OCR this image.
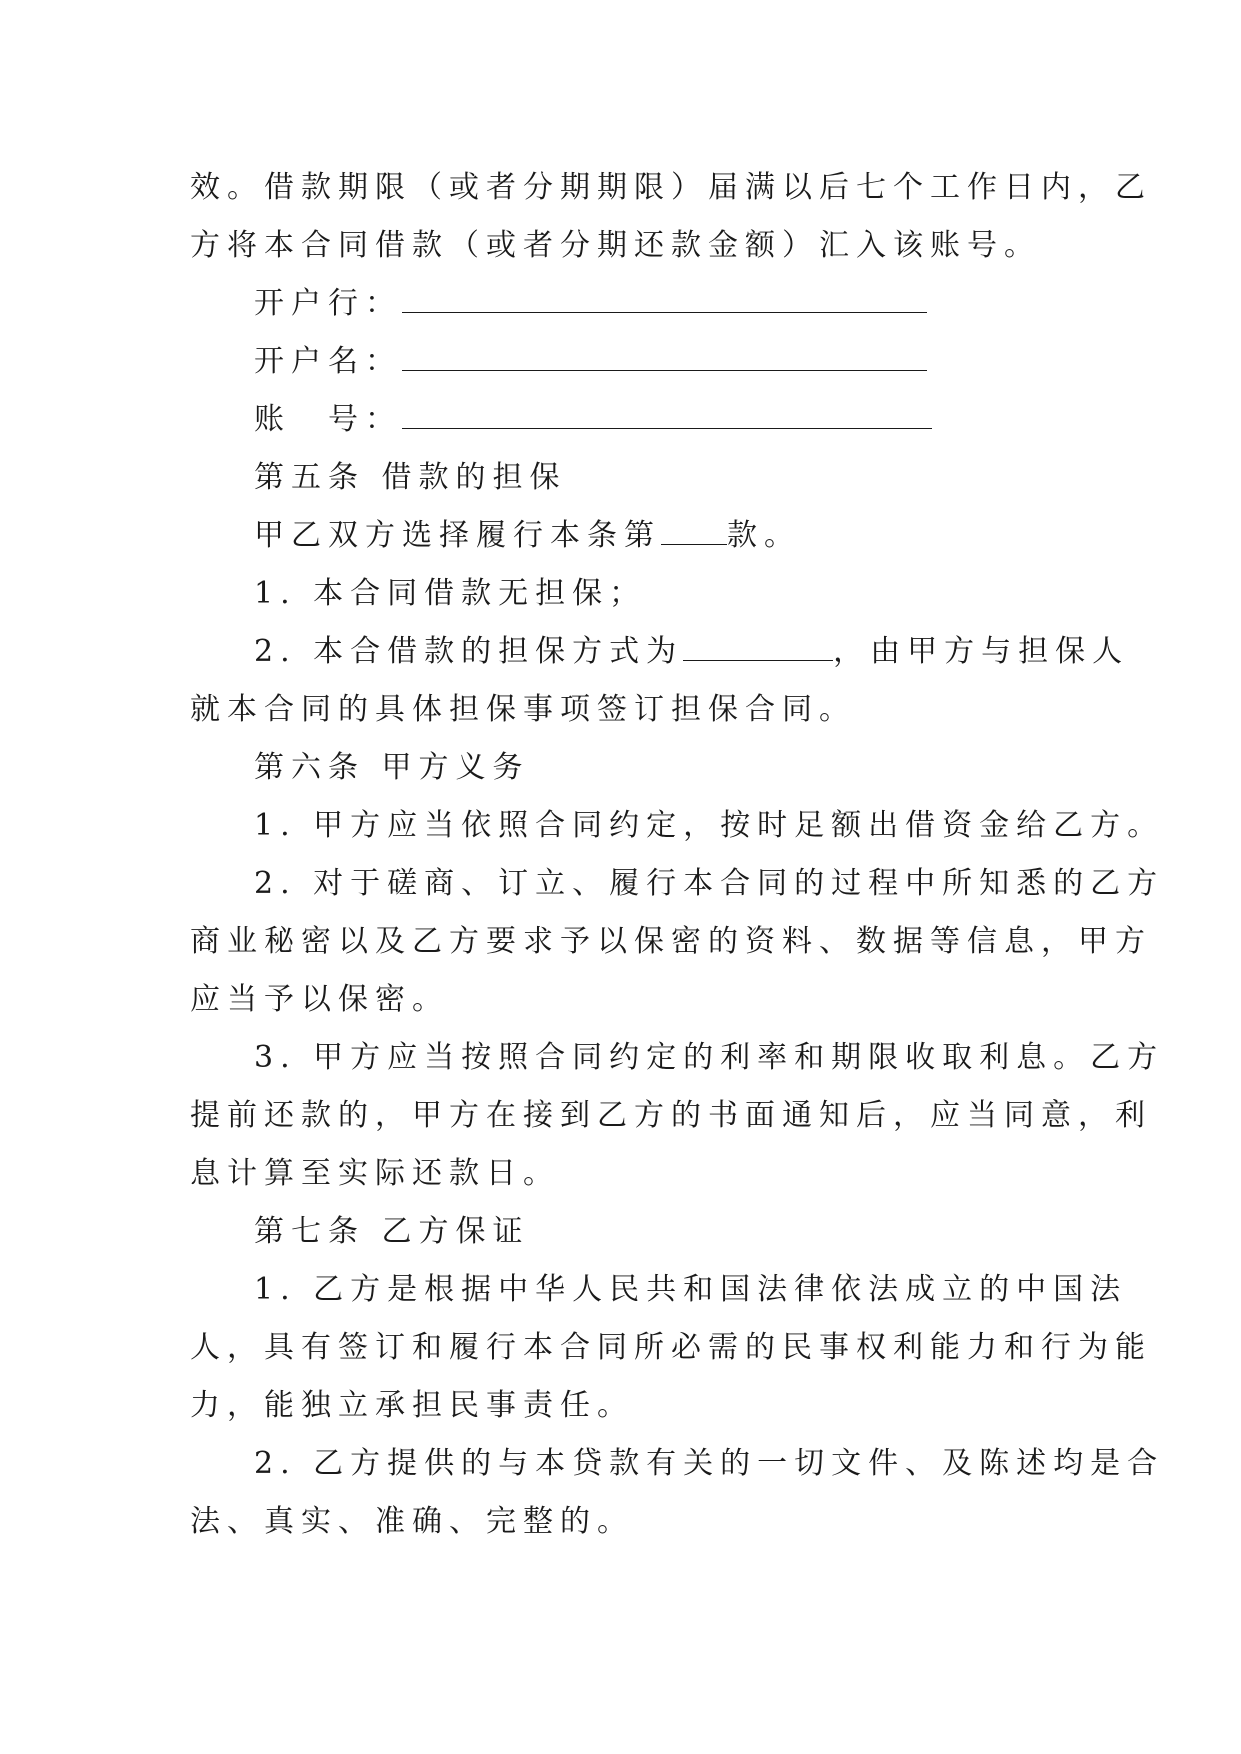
效。借款期限（或者分期期限）届满以后七个工作日内，乙
方将本合同借款（或者分期还款金额）汇入该账号。
开户行：
开户名：
账　号：
第五条 借款的担保
甲乙双方选择履行本条第 款。
1. 本合同借款无担保；
2. 本合借款的担保方式为	，由甲方与担保人
就本合同的具体担保事项签订担保合同。
第六条 甲方义务
1. 甲方应当依照合同约定，按时足额出借资金给乙方。
2. 对于磋商、订立、履行本合同的过程中所知悉的乙方
商业秘密以及乙方要求予以保密的资料、数据等信息，甲方
应当予以保密。
3. 甲方应当按照合同约定的利率和期限收取利息。乙方
提前还款的，甲方在接到乙方的书面通知后，应当同意，利
息计算至实际还款日。
第七条 乙方保证
1. 乙方是根据中华人民共和国法律依法成立的中国法
人，具有签订和履行本合同所必需的民事权利能力和行为能
力，能独立承担民事责任。
2. 乙方提供的与本贷款有关的一切文件、及陈述均是合
法、真实、准确、完整的。
